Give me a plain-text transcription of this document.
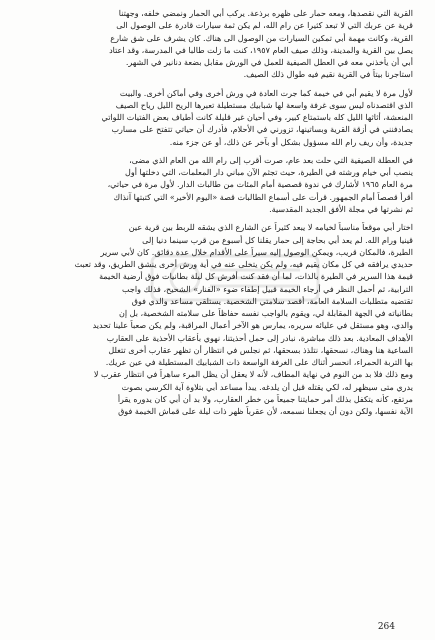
القرية التي نقصدها، ومعه حمار على ظهره برذعة. يركب أبي الحمار ونمضي خلفه، وجهتنا
قرية عن عربك التي لا تبعد كثيرا عن رام الله، لم يكن ثمة سيارات قادرة على الوصول الى
القرية، وكانت مهمة أبي تمكين السيارات من الوصول الى هناك. كان يشرف على شق شارع
يصل بين القرية والمدينة، وذلك صيف العام ١٩٥٧، كنت ما زلت طالبا في المدرسة، وقد اعتاد
أبي أن يأخذني معه في العطل الصيفية للعمل في الورش مقابل بضعة دنانير في الشهر.
استاجرنا بيتاً في القرية نقيم فيه طوال ذلك الصيف.
لأول مرة لا يقيم أبي في خيمة كما جرت العادة في ورش أخرى وفي أماكن أخرى. والبيت
الذي اقتصدناه ليس سوى غرفة واسعة لها شبابيك مستطيلة تعبرها الريح الليل رياح الصيف
المنعشة، أثاثها الليل كله باستمتاع كبير، وفي أحيان غير قليلة كانت أطياف بعض الفتيات اللواتي
يصادفنني في أزقة القرية وبساتينها، تزورني في الأحلام، فأدرك أن حياتي تتفتح على مسارب
جديدة، وأن ريف رام الله مسؤول بشكل أو بآخر عن ذلك، أو عن جزء منه.
في العطلة الصيفية التي حلت بعد عام، صرت أقرب إلى رام الله من العام الذي مضى،
ينصب أبي خيام ورشته في الطيرة، حيث تجثم الآن مباني دار المعلمات، التي دخلتها أول
مرة العام ١٩٦٥ لأشارك في ندوة قصصية أمام المئات من طالبات الدار. لأول مرة في حياتي،
أقرأ قصصاً أمام الجمهور. قرأت على أسماع الطالبات قصة «اليوم الأخير» التي كتبتها آنذاك
ثم نشرتها في مجلة الأفق الجديد المقدسية.
اختار أبي موقعاً مناسباً لخيامه لا يبعد كثيراً عن الشارع الذي يشقه للربط بين قرية عين
قينيا ورام الله. لم يعد أبي بحاجة إلى حمار يقلنا كل أسبوع من قرب سينما دنيا إلى
الطيرة، فالمكان قريب، ويمكن الوصول إليه سيراً على الأقدام خلال عدة دقائق. كان لأبي سرير
حديدي يرافقه في كل مكان يقيم فيه، ولم يكن يتخلى عنه في أية ورش أخرى ينشق الطريق، وقد تعبث
قيمة هذا السرير في الطيرة بالذات، لما أن فقد كنت أفرش كل ليلة بطانيات فوق أرضية الخيمة
الترابية، ثم أحمل النظر في أرجاء الخيمة قبيل إطفاء ضوء «الفنار» الشحيح، فذلك واجب
تقتضيه متطلبات السلامة العامة، أقصد سلامتي الشخصية. يستلقي مساعد والدي فوق
بطانياته في الجهة المقابلة لي، ويقوم بالواجب نفسه حفاظاً على سلامته الشخصية، بل إن
والدي، وهو مستقل في عليائه سريره، يمارس هو الآخر أعمال المراقبة، ولم يكن صعباً علينا تحديد
الأهداف المعادية. بعد ذلك مباشرة، نبادر إلى حمل أحذيتنا، نهوي بأعقاب الأحذية على العقارب
الساعية هنا وهناك، نسحقها، نتلذذ بسحقها، ثم نجلس في انتظار أن تظهر عقارب أخرى تتغلل
بها التربة الحمراء، انحسر أثناك على الغرفة الواسعة ذات الشبابيك المستطيلة في عين عريك.
ومع ذلك فلا بد من النوم في نهاية المطاف، لأنه لا يعقل أن يظل المرء ساهراً في انتظار عقرب لا
يدري متى سيظهر له، لكي يقتله قبل أن يلدغه. يبدأ مساعد أبي بتلاوة آية الكرسي بصوت
مرتفع، كأنه يتكفل بذلك أمر حمايتنا جميعاً من خطر العقارب، ولا بد أن أبي كان يدوره يقرأ
الآية نفسها، ولكن دون أن يجعلنا نسمعه، لأن عقرباً ظهر ذات ليلة على قماش الخيمة فوق
264
